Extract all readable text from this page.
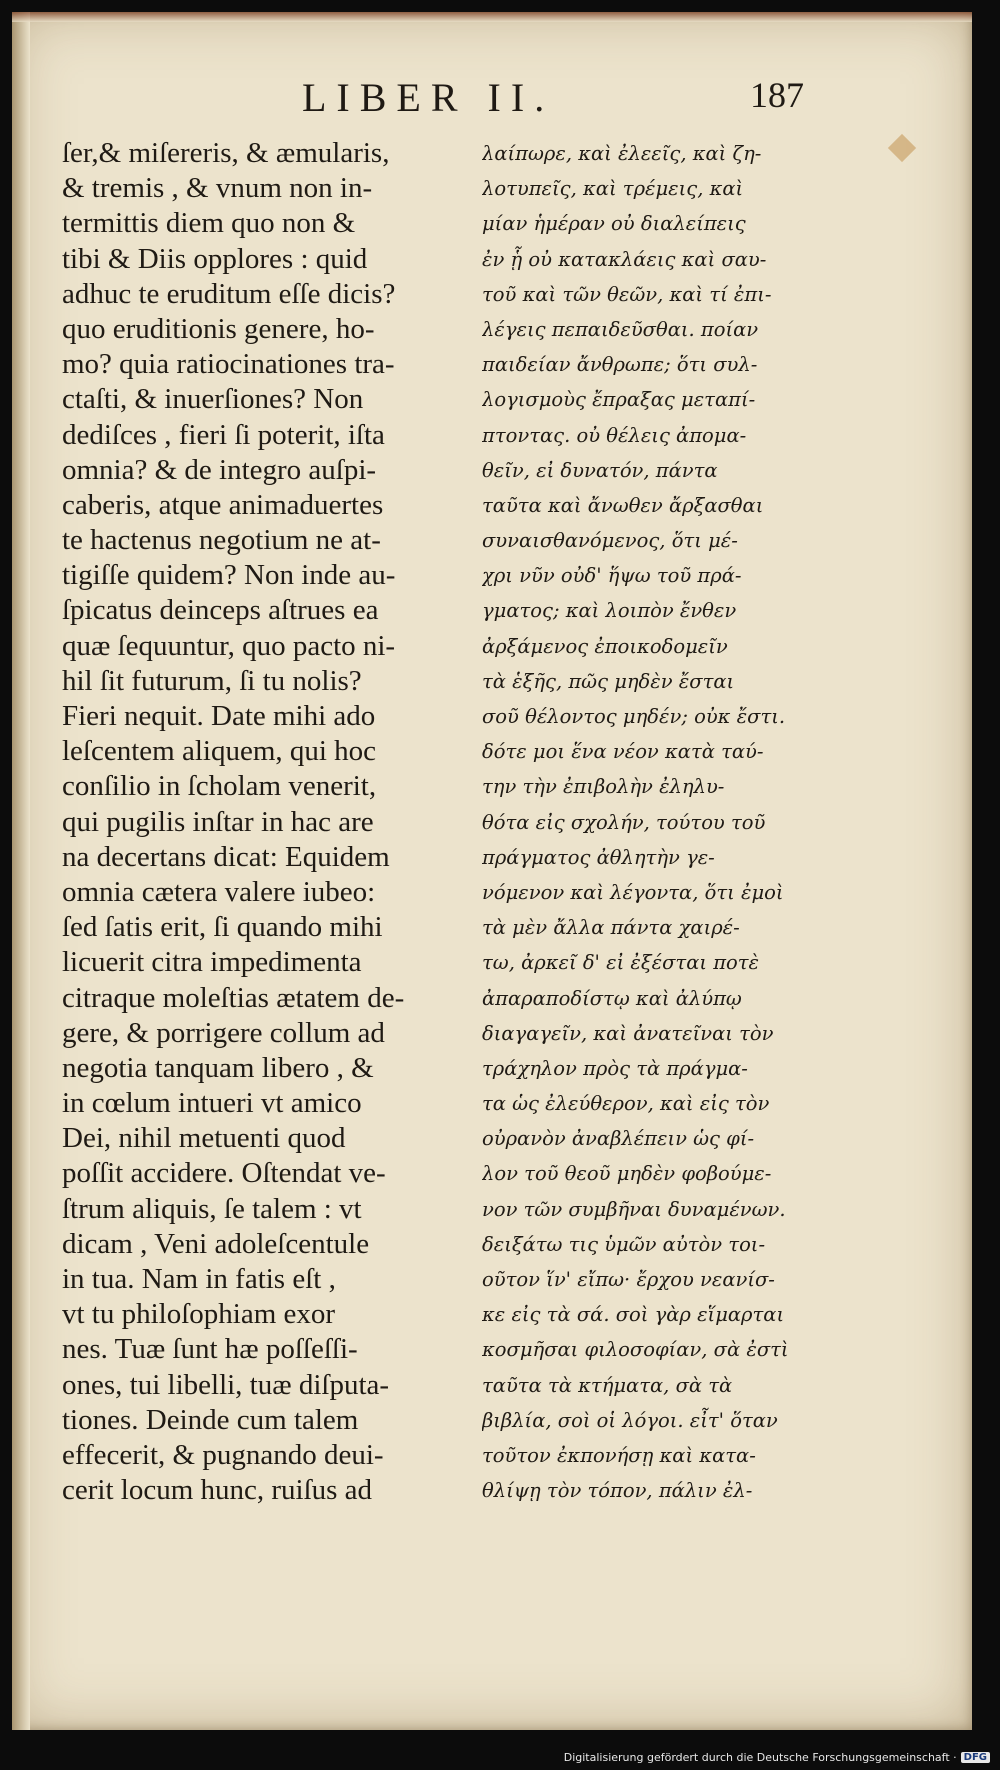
LIBER II.	187
ſer,& miſereris, & æmularis,
& tremis , & vnum non in-
termittis diem quo non &
tibi & Diis opplores : quid
adhuc te eruditum eſſe dicis?
quo eruditionis genere, ho-
mo? quia ratiocinationes tra-
ctaſti, & inuerſiones? Non
dediſces , fieri ſi poterit, iſta
omnia? & de integro auſpi-
caberis, atque animaduertes
te hactenus negotium ne at-
tigiſſe quidem? Non inde au-
ſpicatus deinceps aſtrues ea
quæ ſequuntur, quo pacto ni-
hil ſit futurum, ſi tu nolis?
Fieri nequit. Date mihi ado
leſcentem aliquem, qui hoc
conſilio in ſcholam venerit,
qui pugilis inſtar in hac are
na decertans dicat: Equidem
omnia cætera valere iubeo:
ſed ſatis erit, ſi quando mihi
licuerit citra impedimenta
citraque moleſtias ætatem de-
gere, & porrigere collum ad
negotia tanquam libero , &
in cœlum intueri vt amico
Dei, nihil metuenti quod
poſſit accidere. Oſtendat ve-
ſtrum aliquis, ſe talem : vt
dicam , Veni adoleſcentule
in tua. Nam in fatis eſt ,
vt tu philoſophiam exor
nes. Tuæ ſunt hæ poſſeſſi-
ones, tui libelli, tuæ diſputa-
tiones. Deinde cum talem
effecerit, & pugnando deui-
cerit locum hunc, ruiſus ad
λαίπωρε, καὶ ἐλεεῖς, καὶ ζη-
λοτυπεῖς, καὶ τρέμεις, καὶ
μίαν ἡμέραν οὐ διαλείπεις
ἐν ᾗ οὐ κατακλάεις καὶ σαυ-
τοῦ καὶ τῶν θεῶν, καὶ τί ἐπι-
λέγεις πεπαιδεῦσθαι. ποίαν
παιδείαν ἄνθρωπε; ὅτι συλ-
λογισμοὺς ἔπραξας μεταπί-
πτοντας. οὐ θέλεις ἀπομα-
θεῖν, εἰ δυνατόν, πάντα
ταῦτα καὶ ἄνωθεν ἄρξασθαι
συναισθανόμενος, ὅτι μέ-
χρι νῦν οὐδ' ἥψω τοῦ πρά-
γματος; καὶ λοιπὸν ἔνθεν
ἀρξάμενος ἐποικοδομεῖν
τὰ ἑξῆς, πῶς μηδὲν ἔσται
σοῦ θέλοντος μηδέν; οὐκ ἔστι.
δότε μοι ἕνα νέον κατὰ ταύ-
την τὴν ἐπιβολὴν ἐληλυ-
θότα εἰς σχολήν, τούτου τοῦ
πράγματος ἀθλητὴν γε-
νόμενον καὶ λέγοντα, ὅτι ἐμοὶ
τὰ μὲν ἄλλα πάντα χαιρέ-
τω, ἀρκεῖ δ' εἰ ἐξέσται ποτὲ
ἀπαραποδίστῳ καὶ ἀλύπῳ
διαγαγεῖν, καὶ ἀνατεῖναι τὸν
τράχηλον πρὸς τὰ πράγμα-
τα ὡς ἐλεύθερον, καὶ εἰς τὸν
οὐρανὸν ἀναβλέπειν ὡς φί-
λον τοῦ θεοῦ μηδὲν φοβούμε-
νον τῶν συμβῆναι δυναμένων.
δειξάτω τις ὑμῶν αὐτὸν τοι-
οῦτον ἵν' εἴπω· ἔρχου νεανίσ-
κε εἰς τὰ σά. σοὶ γὰρ εἵμαρται
κοσμῆσαι φιλοσοφίαν, σὰ ἐστὶ
ταῦτα τὰ κτήματα, σὰ τὰ
βιβλία, σοὶ οἱ λόγοι. εἶτ' ὅταν
τοῦτον ἐκπονήσῃ καὶ κατα-
θλίψῃ τὸν τόπον, πάλιν ἐλ-
Digitalisierung gefördert durch die Deutsche Forschungsgemeinschaft · DFG
